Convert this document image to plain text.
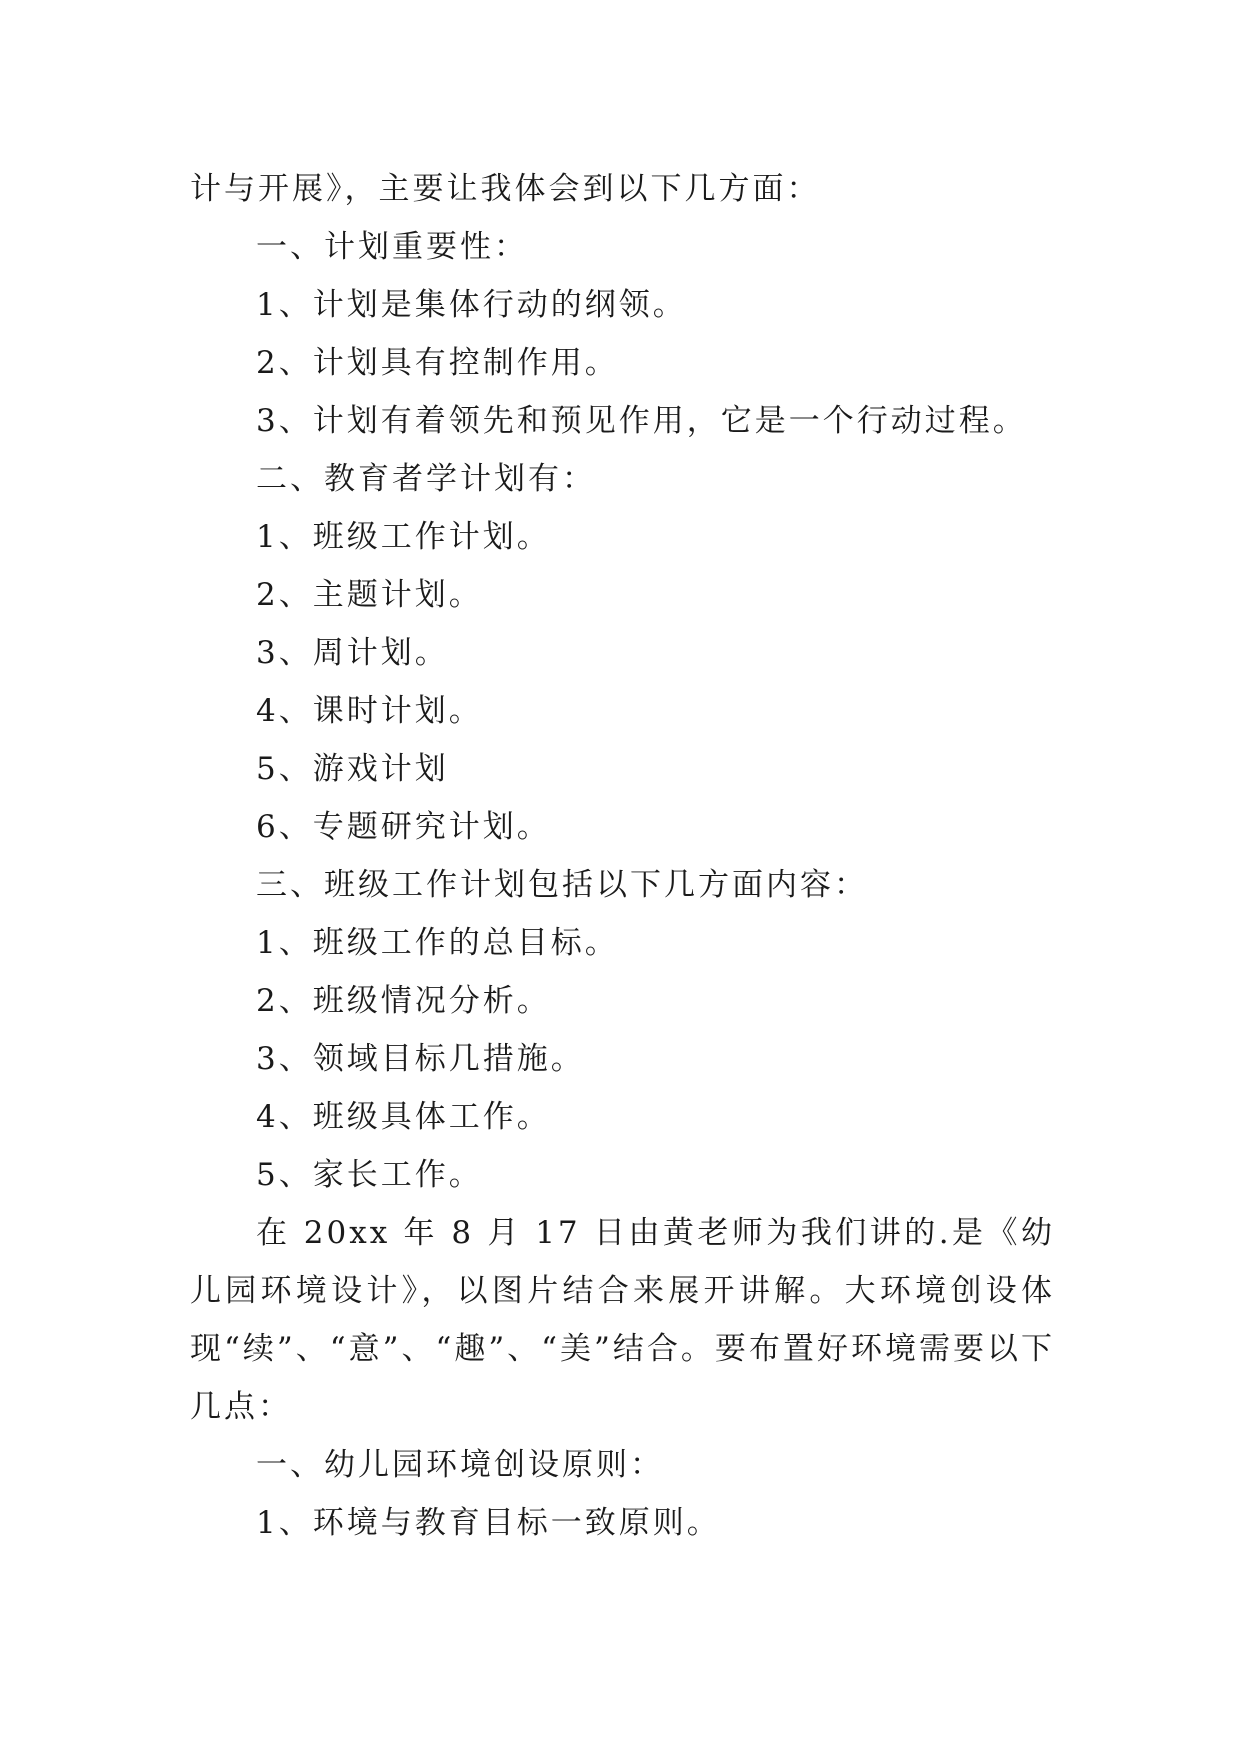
计与开展》，主要让我体会到以下几方面：
一、计划重要性：
1、计划是集体行动的纲领。
2、计划具有控制作用。
3、计划有着领先和预见作用，它是一个行动过程。
二、教育者学计划有：
1、班级工作计划。
2、主题计划。
3、周计划。
4、课时计划。
5、游戏计划
6、专题研究计划。
三、班级工作计划包括以下几方面内容：
1、班级工作的总目标。
2、班级情况分析。
3、领域目标几措施。
4、班级具体工作。
5、家长工作。
在 20xx 年 8 月 17 日由黄老师为我们讲的.是《幼儿园环境设计》，以图片结合来展开讲解。大环境创设体现“续”、“意”、“趣”、“美”结合。要布置好环境需要以下几点：
一、幼儿园环境创设原则：
1、环境与教育目标一致原则。
